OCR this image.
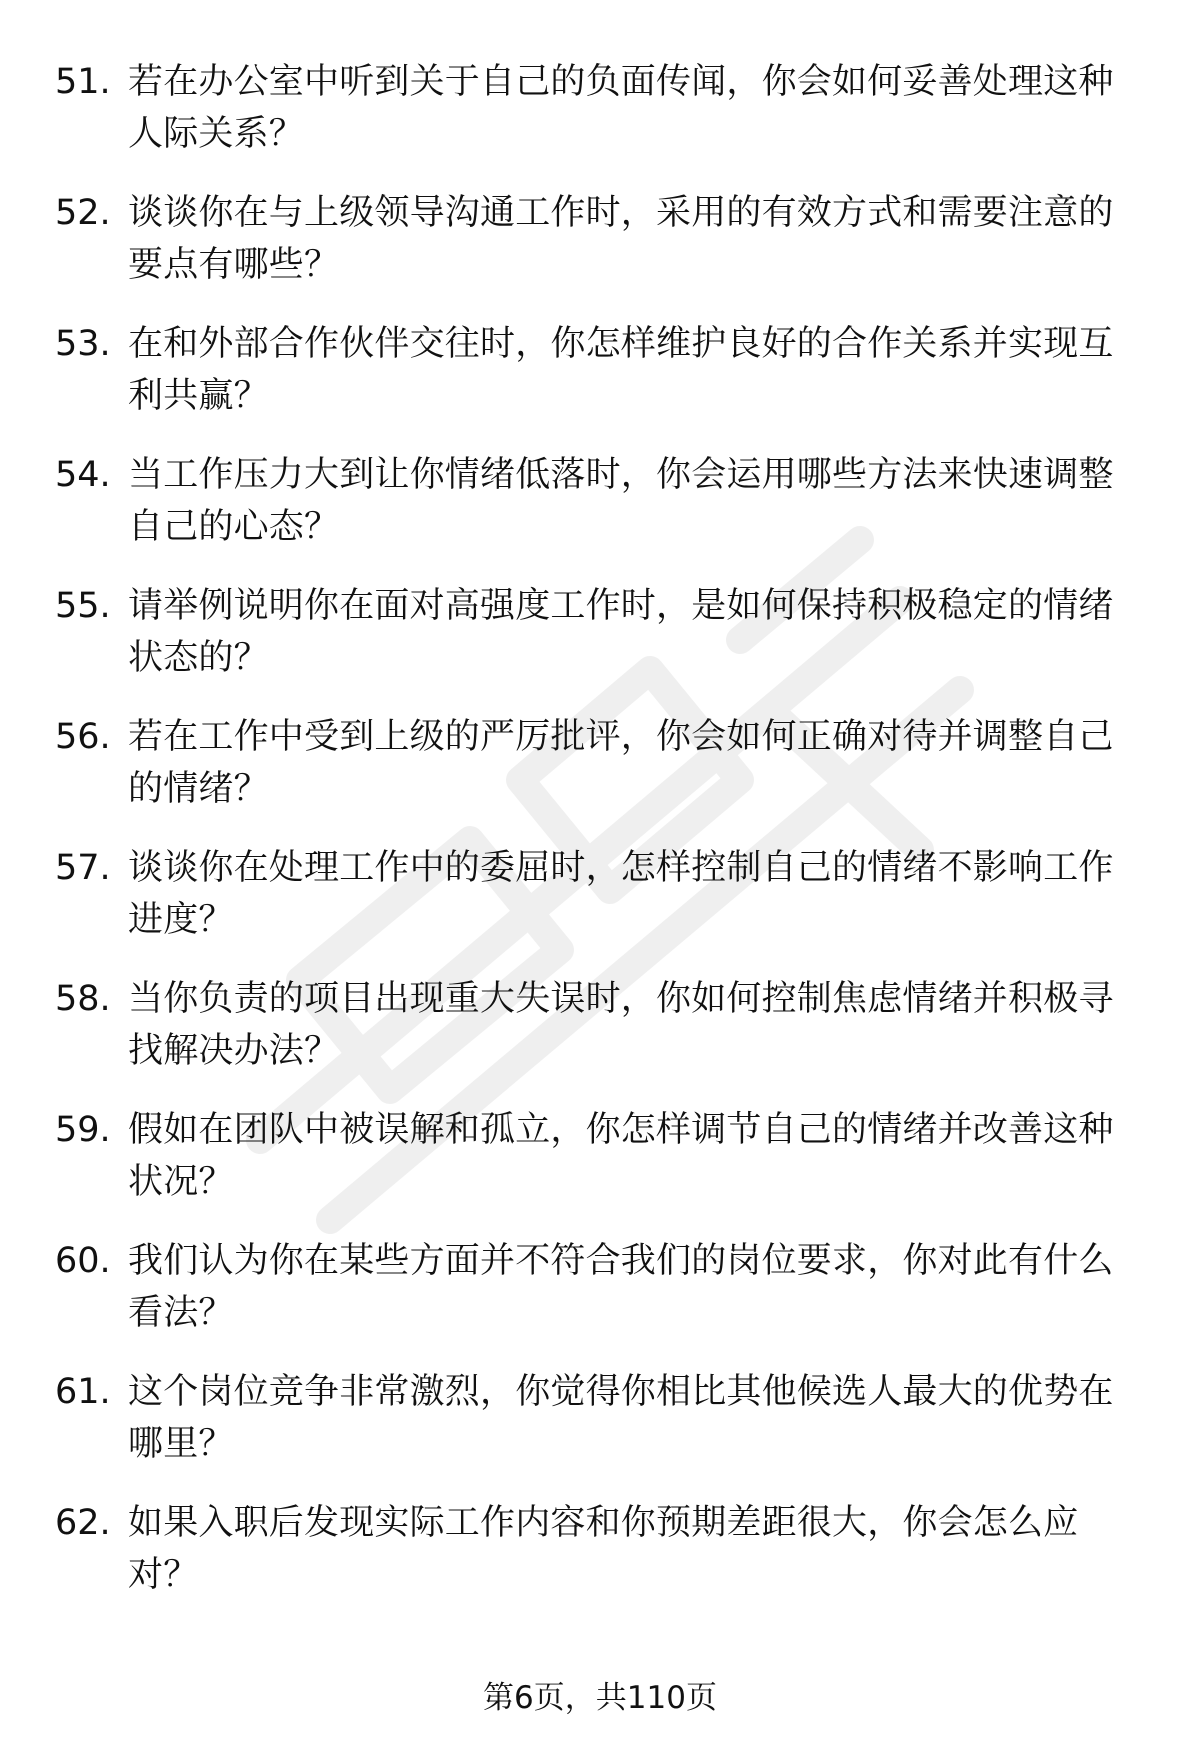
51. 若在办公室中听到关于自己的负面传闻，你会如何妥善处理这种人际关系？
52. 谈谈你在与上级领导沟通工作时，采用的有效方式和需要注意的要点有哪些？
53. 在和外部合作伙伴交往时，你怎样维护良好的合作关系并实现互利共赢？
54. 当工作压力大到让你情绪低落时，你会运用哪些方法来快速调整自己的心态？
55. 请举例说明你在面对高强度工作时，是如何保持积极稳定的情绪状态的？
56. 若在工作中受到上级的严厉批评，你会如何正确对待并调整自己的情绪？
57. 谈谈你在处理工作中的委屈时，怎样控制自己的情绪不影响工作进度？
58. 当你负责的项目出现重大失误时，你如何控制焦虑情绪并积极寻找解决办法？
59. 假如在团队中被误解和孤立，你怎样调节自己的情绪并改善这种状况？
60. 我们认为你在某些方面并不符合我们的岗位要求，你对此有什么看法？
61. 这个岗位竞争非常激烈，你觉得你相比其他候选人最大的优势在哪里？
62. 如果入职后发现实际工作内容和你预期差距很大，你会怎么应对？
第6页，共110页
